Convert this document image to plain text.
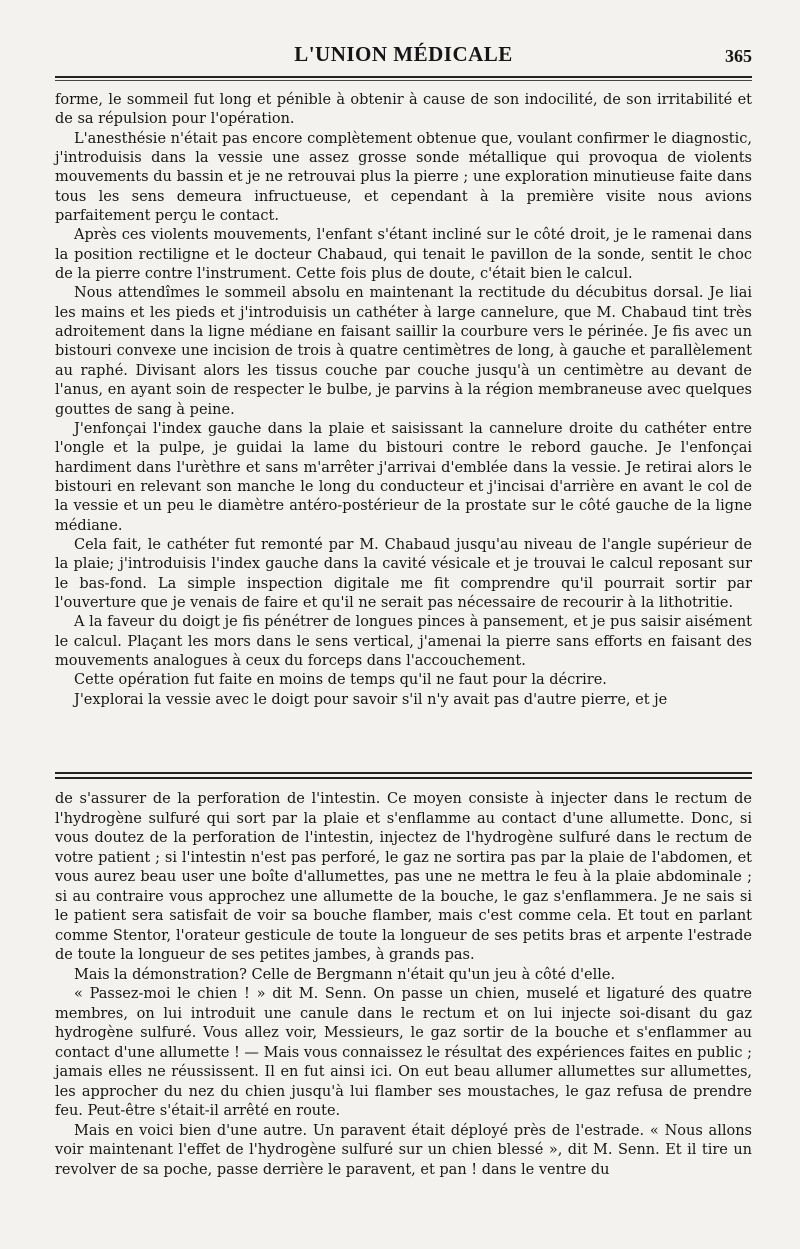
L'UNION MÉDICALE	365

forme, le sommeil fut long et pénible à obtenir à cause de son indocilité, de son irritabilité et de sa répulsion pour l'opération.

L'anesthésie n'était pas encore complètement obtenue que, voulant confirmer le diagnostic, j'introduisis dans la vessie une assez grosse sonde métallique qui provoqua de violents mouvements du bassin et je ne retrouvai plus la pierre ; une exploration minutieuse faite dans tous les sens demeura infructueuse, et cependant à la première visite nous avions parfaitement perçu le contact.

Après ces violents mouvements, l'enfant s'étant incliné sur le côté droit, je le ramenai dans la position rectiligne et le docteur Chabaud, qui tenait le pavillon de la sonde, sentit le choc de la pierre contre l'instrument. Cette fois plus de doute, c'était bien le calcul.

Nous attendîmes le sommeil absolu en maintenant la rectitude du décubitus dorsal. Je liai les mains et les pieds et j'introduisis un cathéter à large cannelure, que M. Chabaud tint très adroitement dans la ligne médiane en faisant saillir la courbure vers le périnée. Je fis avec un bistouri convexe une incision de trois à quatre centimètres de long, à gauche et parallèlement au raphé. Divisant alors les tissus couche par couche jusqu'à un centimètre au devant de l'anus, en ayant soin de respecter le bulbe, je parvins à la région membraneuse avec quelques gouttes de sang à peine.

J'enfonçai l'index gauche dans la plaie et saisissant la cannelure droite du cathéter entre l'ongle et la pulpe, je guidai la lame du bistouri contre le rebord gauche. Je l'enfonçai hardiment dans l'urèthre et sans m'arrêter j'arrivai d'emblée dans la vessie. Je retirai alors le bistouri en relevant son manche le long du conducteur et j'incisai d'arrière en avant le col de la vessie et un peu le diamètre antéro-postérieur de la prostate sur le côté gauche de la ligne médiane.

Cela fait, le cathéter fut remonté par M. Chabaud jusqu'au niveau de l'angle supérieur de la plaie; j'introduisis l'index gauche dans la cavité vésicale et je trouvai le calcul reposant sur le bas-fond. La simple inspection digitale me fit comprendre qu'il pourrait sortir par l'ouverture que je venais de faire et qu'il ne serait pas nécessaire de recourir à la lithotritie.

A la faveur du doigt je fis pénétrer de longues pinces à pansement, et je pus saisir aisément le calcul. Plaçant les mors dans le sens vertical, j'amenai la pierre sans efforts en faisant des mouvements analogues à ceux du forceps dans l'accouchement.

Cette opération fut faite en moins de temps qu'il ne faut pour la décrire.

J'explorai la vessie avec le doigt pour savoir s'il n'y avait pas d'autre pierre, et je

de s'assurer de la perforation de l'intestin. Ce moyen consiste à injecter dans le rectum de l'hydrogène sulfuré qui sort par la plaie et s'enflamme au contact d'une allumette. Donc, si vous doutez de la perforation de l'intestin, injectez de l'hydrogène sulfuré dans le rectum de votre patient ; si l'intestin n'est pas perforé, le gaz ne sortira pas par la plaie de l'abdomen, et vous aurez beau user une boîte d'allumettes, pas une ne mettra le feu à la plaie abdominale ; si au contraire vous approchez une allumette de la bouche, le gaz s'enflammera. Je ne sais si le patient sera satisfait de voir sa bouche flamber, mais c'est comme cela. Et tout en parlant comme Stentor, l'orateur gesticule de toute la longueur de ses petits bras et arpente l'estrade de toute la longueur de ses petites jambes, à grands pas.

Mais la démonstration? Celle de Bergmann n'était qu'un jeu à côté d'elle.

« Passez-moi le chien ! » dit M. Senn. On passe un chien, muselé et ligaturé des quatre membres, on lui introduit une canule dans le rectum et on lui injecte soi-disant du gaz hydrogène sulfuré. Vous allez voir, Messieurs, le gaz sortir de la bouche et s'enflammer au contact d'une allumette ! — Mais vous connaissez le résultat des expériences faites en public ; jamais elles ne réussissent. Il en fut ainsi ici. On eut beau allumer allumettes sur allumettes, les approcher du nez du chien jusqu'à lui flamber ses moustaches, le gaz refusa de prendre feu. Peut-être s'était-il arrêté en route.

Mais en voici bien d'une autre. Un paravent était déployé près de l'estrade. « Nous allons voir maintenant l'effet de l'hydrogène sulfuré sur un chien blessé », dit M. Senn. Et il tire un revolver de sa poche, passe derrière le paravent, et pan ! dans le ventre du
